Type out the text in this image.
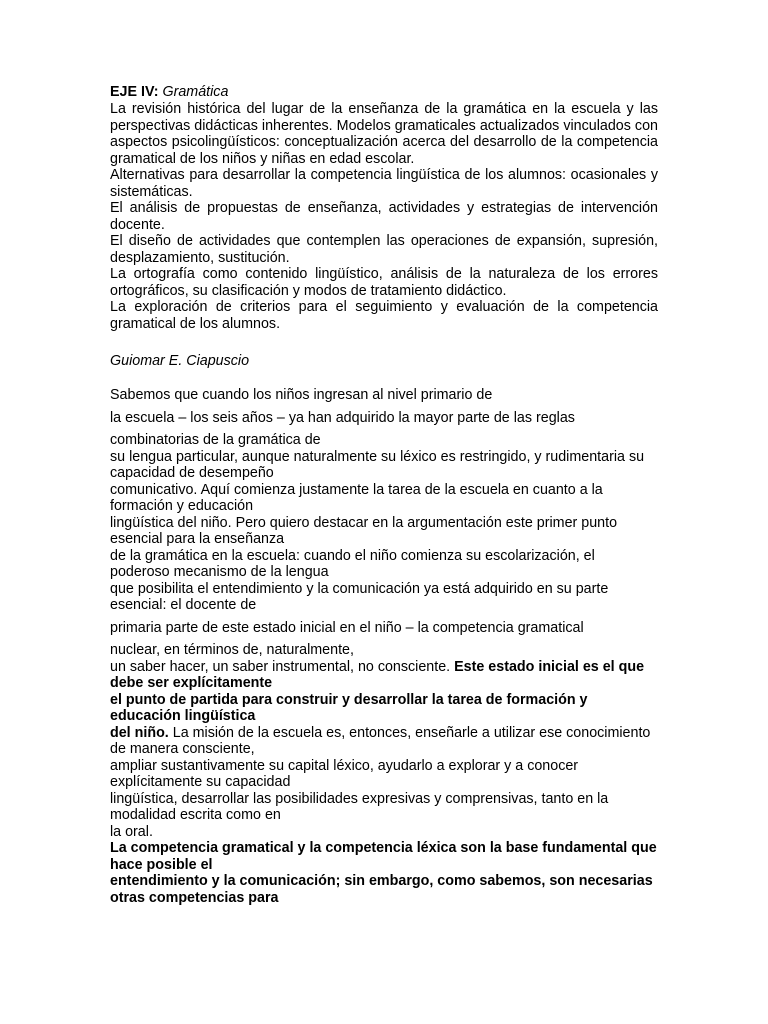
EJE IV: Gramática

La revisión histórica del lugar de la enseñanza de la gramática en la escuela y las perspectivas didácticas inherentes. Modelos gramaticales actualizados vinculados con aspectos psicolingüísticos: conceptualización acerca del desarrollo de la competencia gramatical de los niños y niñas en edad escolar.

Alternativas para desarrollar la competencia lingüística de los alumnos: ocasionales y sistemáticas.

El análisis de propuestas de enseñanza, actividades y estrategias de intervención docente.

El diseño de actividades que contemplen las operaciones de expansión, supresión, desplazamiento, sustitución.

La ortografía como contenido lingüístico, análisis de la naturaleza de los errores ortográficos, su clasificación y modos de tratamiento didáctico.

La exploración de criterios para el seguimiento y evaluación de la competencia gramatical de los alumnos.

Guiomar E. Ciapuscio

Sabemos que cuando los niños ingresan al nivel primario de

la escuela – los seis años – ya han adquirido la mayor parte de las reglas

combinatorias de la gramática de

su lengua particular, aunque naturalmente su léxico es restringido, y rudimentaria su capacidad de desempeño

comunicativo. Aquí comienza justamente la tarea de la escuela en cuanto a la formación y educación

lingüística del niño. Pero quiero destacar en la argumentación este primer punto esencial para la enseñanza

de la gramática en la escuela: cuando el niño comienza su escolarización, el poderoso mecanismo de la lengua

que posibilita el entendimiento y la comunicación ya está adquirido en su parte esencial: el docente de

primaria parte de este estado inicial en el niño – la competencia gramatical

nuclear, en términos de, naturalmente,

un saber hacer, un saber instrumental, no consciente. Este estado inicial es el que debe ser explícitamente

el punto de partida para construir y desarrollar la tarea de formación y educación lingüística

del niño. La misión de la escuela es, entonces, enseñarle a utilizar ese conocimiento de manera consciente,

ampliar sustantivamente su capital léxico, ayudarlo a explorar y a conocer explícitamente su capacidad

lingüística, desarrollar las posibilidades expresivas y comprensivas, tanto en la modalidad escrita como en

la oral.

La competencia gramatical y la competencia léxica son la base fundamental que hace posible el

entendimiento y la comunicación; sin embargo, como sabemos, son necesarias otras competencias para
